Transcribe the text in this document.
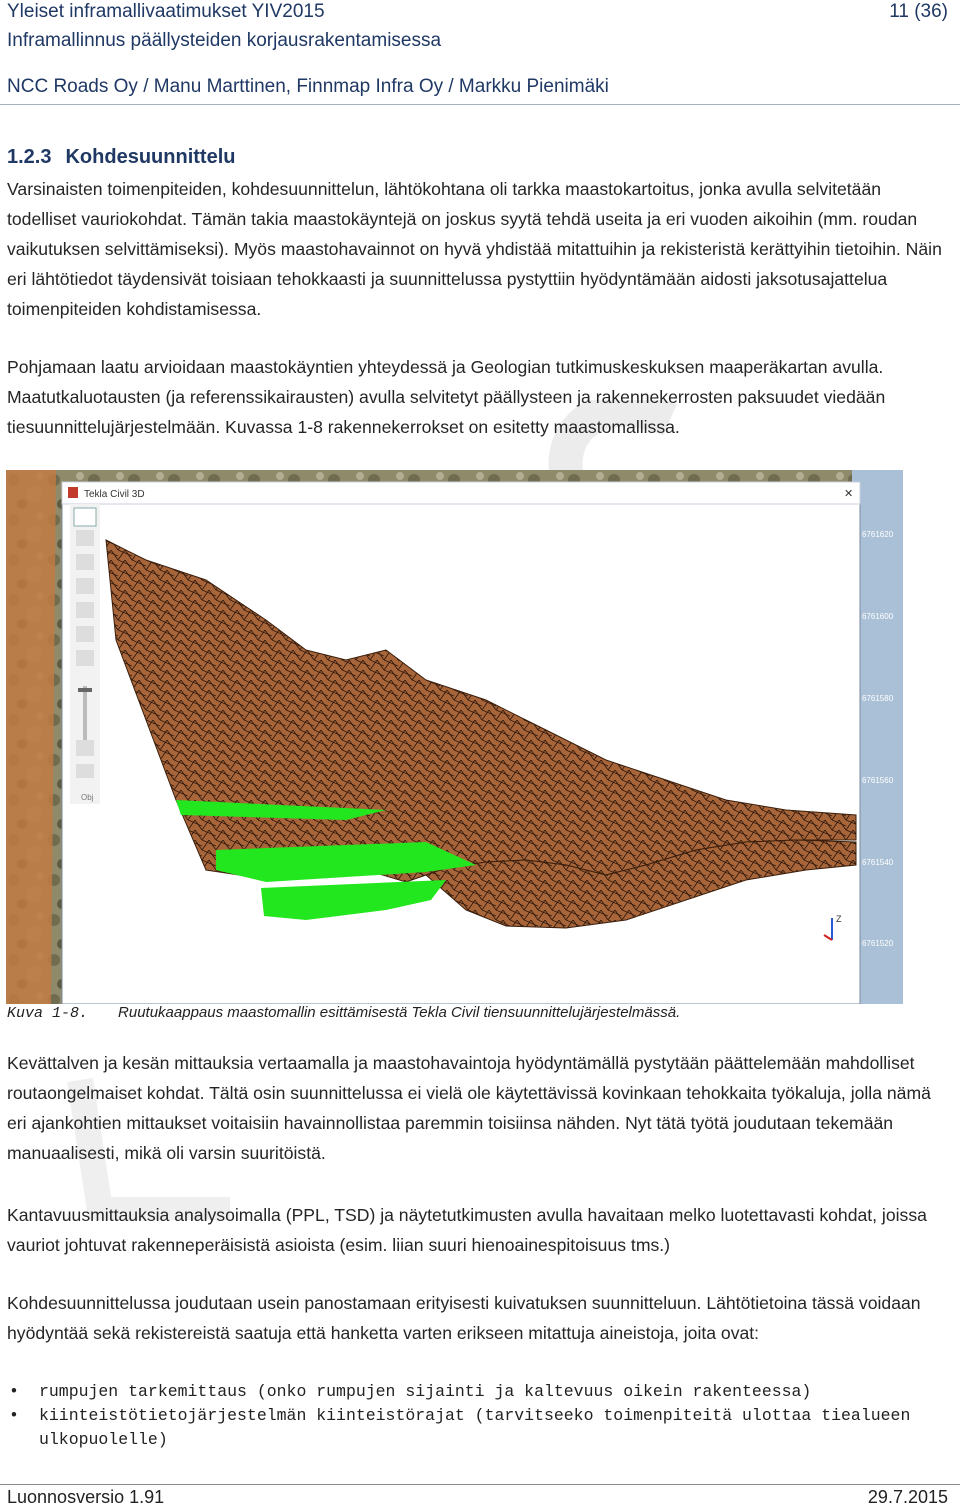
Yleiset inframallivaatimukset YIV2015	11 (36)
Inframallinnus päällysteiden korjausrakentamisessa
NCC Roads Oy / Manu Marttinen, Finnmap Infra Oy / Markku Pienimäki
1.2.3 Kohdesuunnittelu

Varsinaisten toimenpiteiden, kohdesuunnittelun, lähtökohtana oli tarkka maastokartoitus, jonka avulla selvitetään todelliset vauriokohdat. Tämän takia maastokäyntejä on joskus syytä tehdä useita ja eri vuoden aikoihin (mm. roudan vaikutuksen selvittämiseksi). Myös maastohavainnot on hyvä yhdistää mitattuihin ja rekisteristä kerättyihin tietoihin. Näin eri lähtötiedot täydensivät toisiaan tehokkaasti ja suunnittelussa pystyttiin hyödyntämään aidosti jaksotusajattelua toimenpiteiden kohdistamisessa.

Pohjamaan laatu arvioidaan maastokäyntien yhteydessä ja Geologian tutkimuskeskuksen maaperäkartan avulla. Maatutkaluotausten (ja referenssikairausten) avulla selvitetyt päällysteen ja rakennekerrosten paksuudet viedään tiesuunnittelujärjestelmään. Kuvassa 1-8 rakennekerrokset on esitetty maastomallissa.

Tekla Civil 3D	✕
Obj
Z
6761620
6761600
6761580
6761560
6761540
6761520
Kuva 1-8. Ruutukaappaus maastomallin esittämisestä Tekla Civil tiensuunnittelujärjestelmässä.

Kevättalven ja kesän mittauksia vertaamalla ja maastohavaintoja hyödyntämällä pystytään päättelemään mahdolliset routaongelmaiset kohdat. Tältä osin suunnittelussa ei vielä ole käytettävissä kovinkaan tehokkaita työkaluja, jolla nämä eri ajankohtien mittaukset voitaisiin havainnollistaa paremmin toisiinsa nähden. Nyt tätä työtä joudutaan tekemään manuaalisesti, mikä oli varsin suuritöistä.

Kantavuusmittauksia analysoimalla (PPL, TSD) ja näytetutkimusten avulla havaitaan melko luotettavasti kohdat, joissa vauriot johtuvat rakenneperäisistä asioista (esim. liian suuri hienoainespitoisuus tms.)

Kohdesuunnittelussa joudutaan usein panostamaan erityisesti kuivatuksen suunnitteluun. Lähtötietoina tässä voidaan hyödyntää sekä rekistereistä saatuja että hanketta varten erikseen mitattuja aineistoja, joita ovat:

• rumpujen tarkemittaus (onko rumpujen sijainti ja kaltevuus oikein rakenteessa)
• kiinteistötietojärjestelmän kiinteistörajat (tarvitseeko toimenpiteitä ulottaa tiealueen ulkopuolelle)
Luonnosversio 1.91	29.7.2015
